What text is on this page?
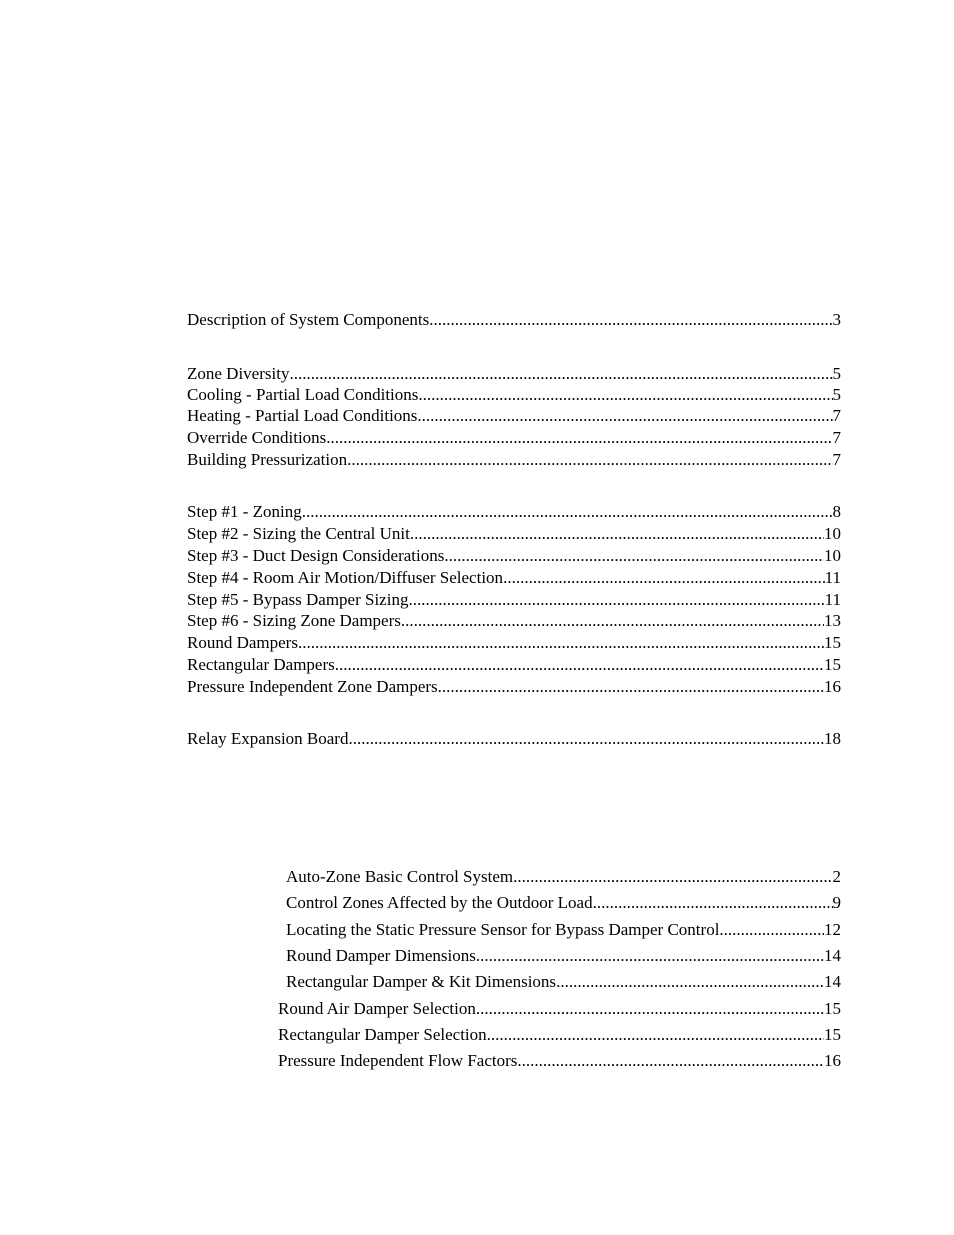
Description of System Components .....	3
Zone Diversity .....	5
Cooling - Partial Load Conditions .....	5
Heating - Partial Load Conditions .....	7
Override Conditions .....	7
Building Pressurization .....	7
Step #1 - Zoning .....	8
Step #2 - Sizing the Central Unit .....	10
Step #3 - Duct Design Considerations .....	10
Step #4 - Room Air Motion/Diffuser Selection .....	11
Step #5 - Bypass Damper Sizing .....	11
Step #6 - Sizing Zone Dampers .....	13
Round Dampers .....	15
Rectangular Dampers .....	15
Pressure Independent Zone Dampers .....	16
Relay Expansion Board .....	18
Auto-Zone Basic Control System .....	2
Control Zones Affected by the Outdoor Load .....	9
Locating the Static Pressure Sensor for Bypass Damper Control .....	12
Round Damper Dimensions .....	14
Rectangular Damper & Kit Dimensions .....	14
Round Air Damper Selection .....	15
Rectangular Damper Selection .....	15
Pressure Independent Flow Factors .....	16
